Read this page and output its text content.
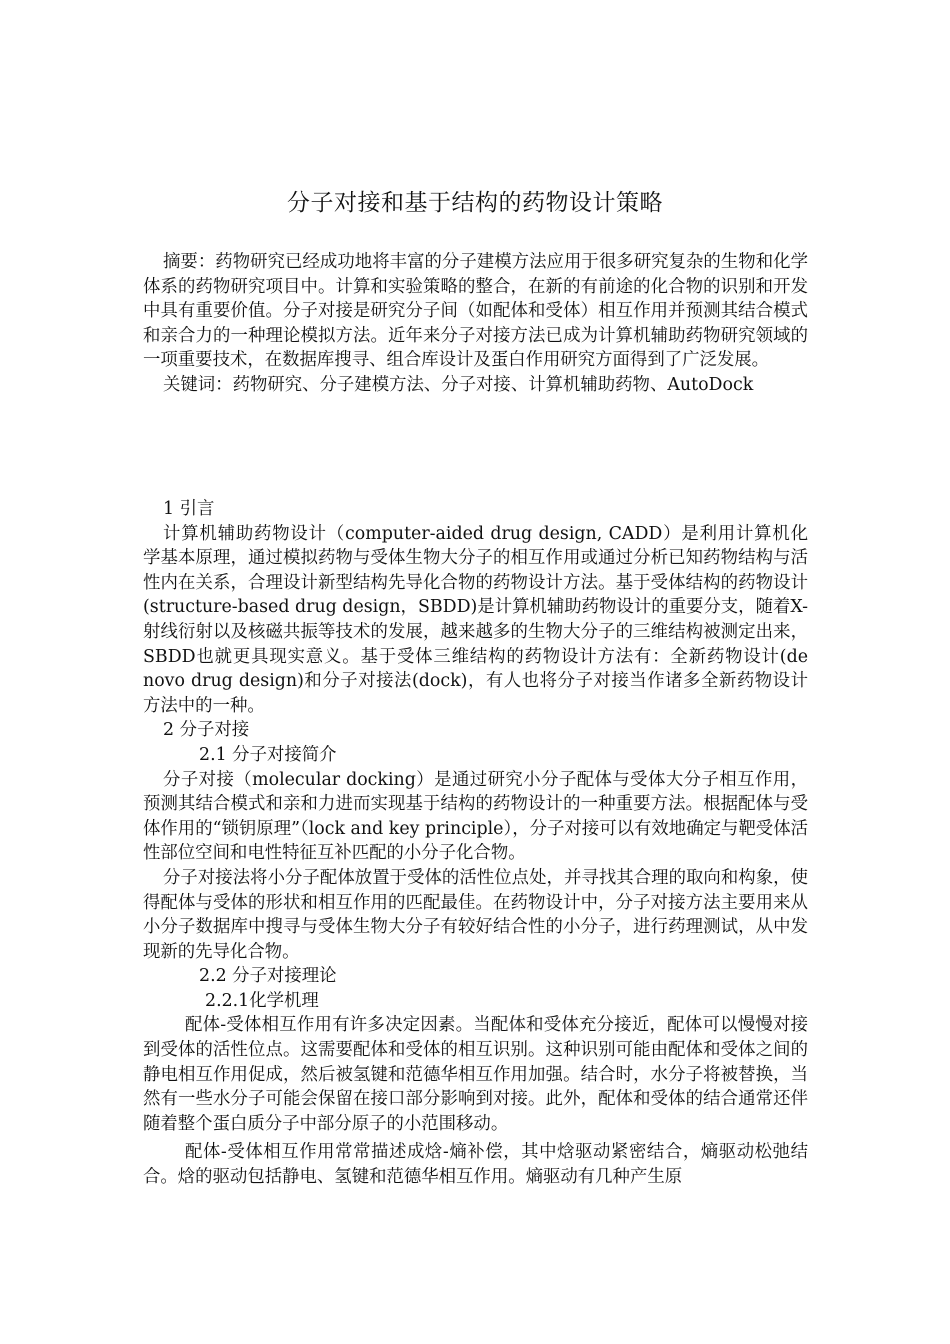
分子对接和基于结构的药物设计策略

摘要：药物研究已经成功地将丰富的分子建模方法应用于很多研究复杂的生物和化学体系的药物研究项目中。计算和实验策略的整合，在新的有前途的化合物的识别和开发中具有重要价值。分子对接是研究分子间（如配体和受体）相互作用并预测其结合模式和亲合力的一种理论模拟方法。近年来分子对接方法已成为计算机辅助药物研究领域的一项重要技术，在数据库搜寻、组合库设计及蛋白作用研究方面得到了广泛发展。

关键词：药物研究、分子建模方法、分子对接、计算机辅助药物、AutoDock

1 引言

计算机辅助药物设计（computer-aided drug design, CADD）是利用计算机化学基本原理，通过模拟药物与受体生物大分子的相互作用或通过分析已知药物结构与活性内在关系，合理设计新型结构先导化合物的药物设计方法。基于受体结构的药物设计(structure-based drug design，SBDD)是计算机辅助药物设计的重要分支，随着X-射线衍射以及核磁共振等技术的发展，越来越多的生物大分子的三维结构被测定出来，SBDD也就更具现实意义。基于受体三维结构的药物设计方法有：全新药物设计(de novo drug design)和分子对接法(dock)，有人也将分子对接当作诸多全新药物设计方法中的一种。

2 分子对接

2.1 分子对接简介

分子对接（molecular docking）是通过研究小分子配体与受体大分子相互作用，预测其结合模式和亲和力进而实现基于结构的药物设计的一种重要方法。根据配体与受体作用的“锁钥原理”（lock and key principle），分子对接可以有效地确定与靶受体活性部位空间和电性特征互补匹配的小分子化合物。

分子对接法将小分子配体放置于受体的活性位点处，并寻找其合理的取向和构象，使得配体与受体的形状和相互作用的匹配最佳。在药物设计中，分子对接方法主要用来从小分子数据库中搜寻与受体生物大分子有较好结合性的小分子，进行药理测试，从中发现新的先导化合物。

2.2 分子对接理论

2.2.1化学机理

配体-受体相互作用有许多决定因素。当配体和受体充分接近，配体可以慢慢对接到受体的活性位点。这需要配体和受体的相互识别。这种识别可能由配体和受体之间的静电相互作用促成，然后被氢键和范德华相互作用加强。结合时，水分子将被替换，当然有一些水分子可能会保留在接口部分影响到对接。此外，配体和受体的结合通常还伴随着整个蛋白质分子中部分原子的小范围移动。

配体-受体相互作用常常描述成焓-熵补偿，其中焓驱动紧密结合，熵驱动松弛结合。焓的驱动包括静电、氢键和范德华相互作用。熵驱动有几种产生原
